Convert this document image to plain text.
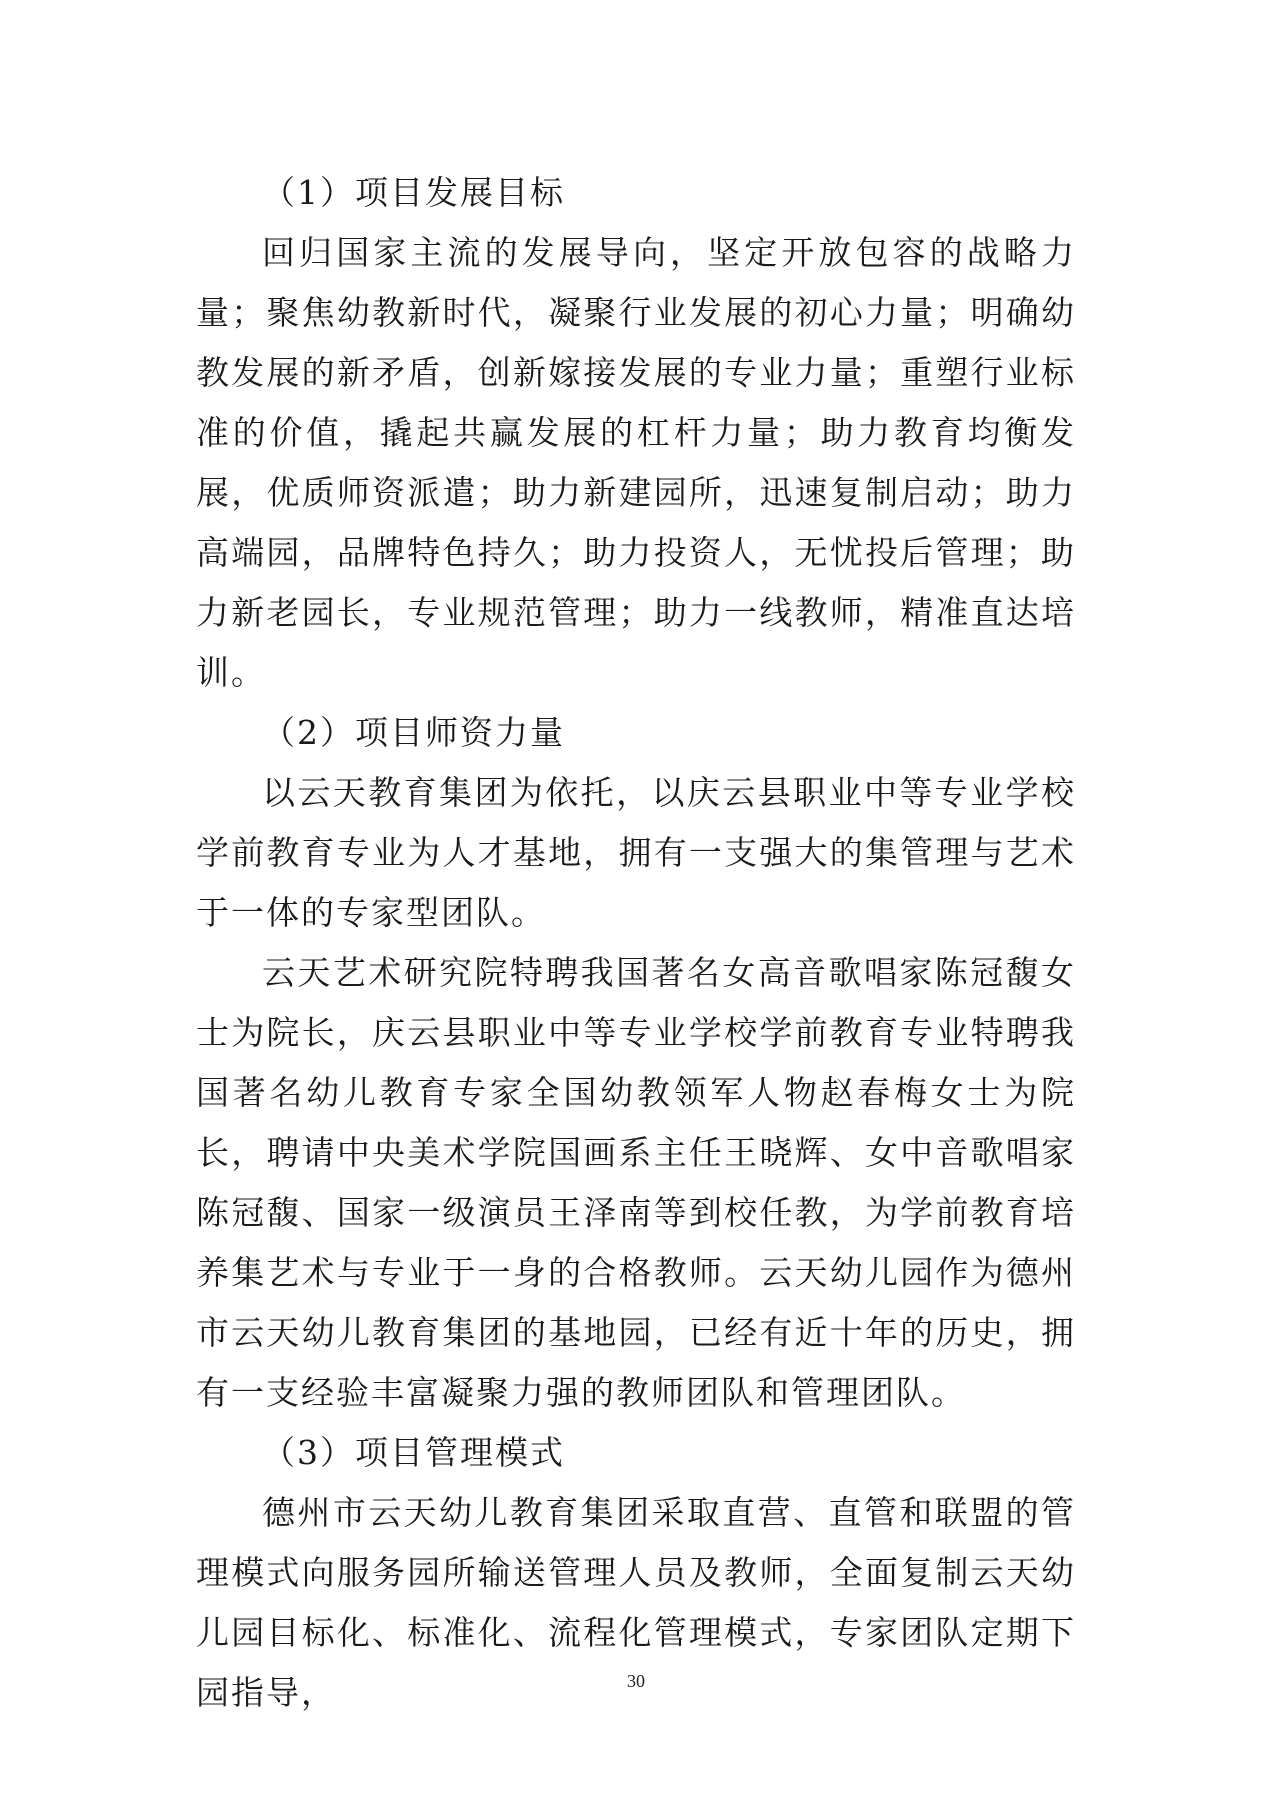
（1）项目发展目标

回归国家主流的发展导向，坚定开放包容的战略力量；聚焦幼教新时代，凝聚行业发展的初心力量；明确幼教发展的新矛盾，创新嫁接发展的专业力量；重塑行业标准的价值，撬起共赢发展的杠杆力量；助力教育均衡发展，优质师资派遣；助力新建园所，迅速复制启动；助力高端园，品牌特色持久；助力投资人，无忧投后管理；助力新老园长，专业规范管理；助力一线教师，精准直达培训。

（2）项目师资力量

以云天教育集团为依托，以庆云县职业中等专业学校学前教育专业为人才基地，拥有一支强大的集管理与艺术于一体的专家型团队。

云天艺术研究院特聘我国著名女高音歌唱家陈冠馥女士为院长，庆云县职业中等专业学校学前教育专业特聘我国著名幼儿教育专家全国幼教领军人物赵春梅女士为院长，聘请中央美术学院国画系主任王晓辉、女中音歌唱家陈冠馥、国家一级演员王泽南等到校任教，为学前教育培养集艺术与专业于一身的合格教师。云天幼儿园作为德州市云天幼儿教育集团的基地园，已经有近十年的历史，拥有一支经验丰富凝聚力强的教师团队和管理团队。

（3）项目管理模式

德州市云天幼儿教育集团采取直营、直管和联盟的管理模式向服务园所输送管理人员及教师，全面复制云天幼儿园目标化、标准化、流程化管理模式，专家团队定期下园指导，	30
